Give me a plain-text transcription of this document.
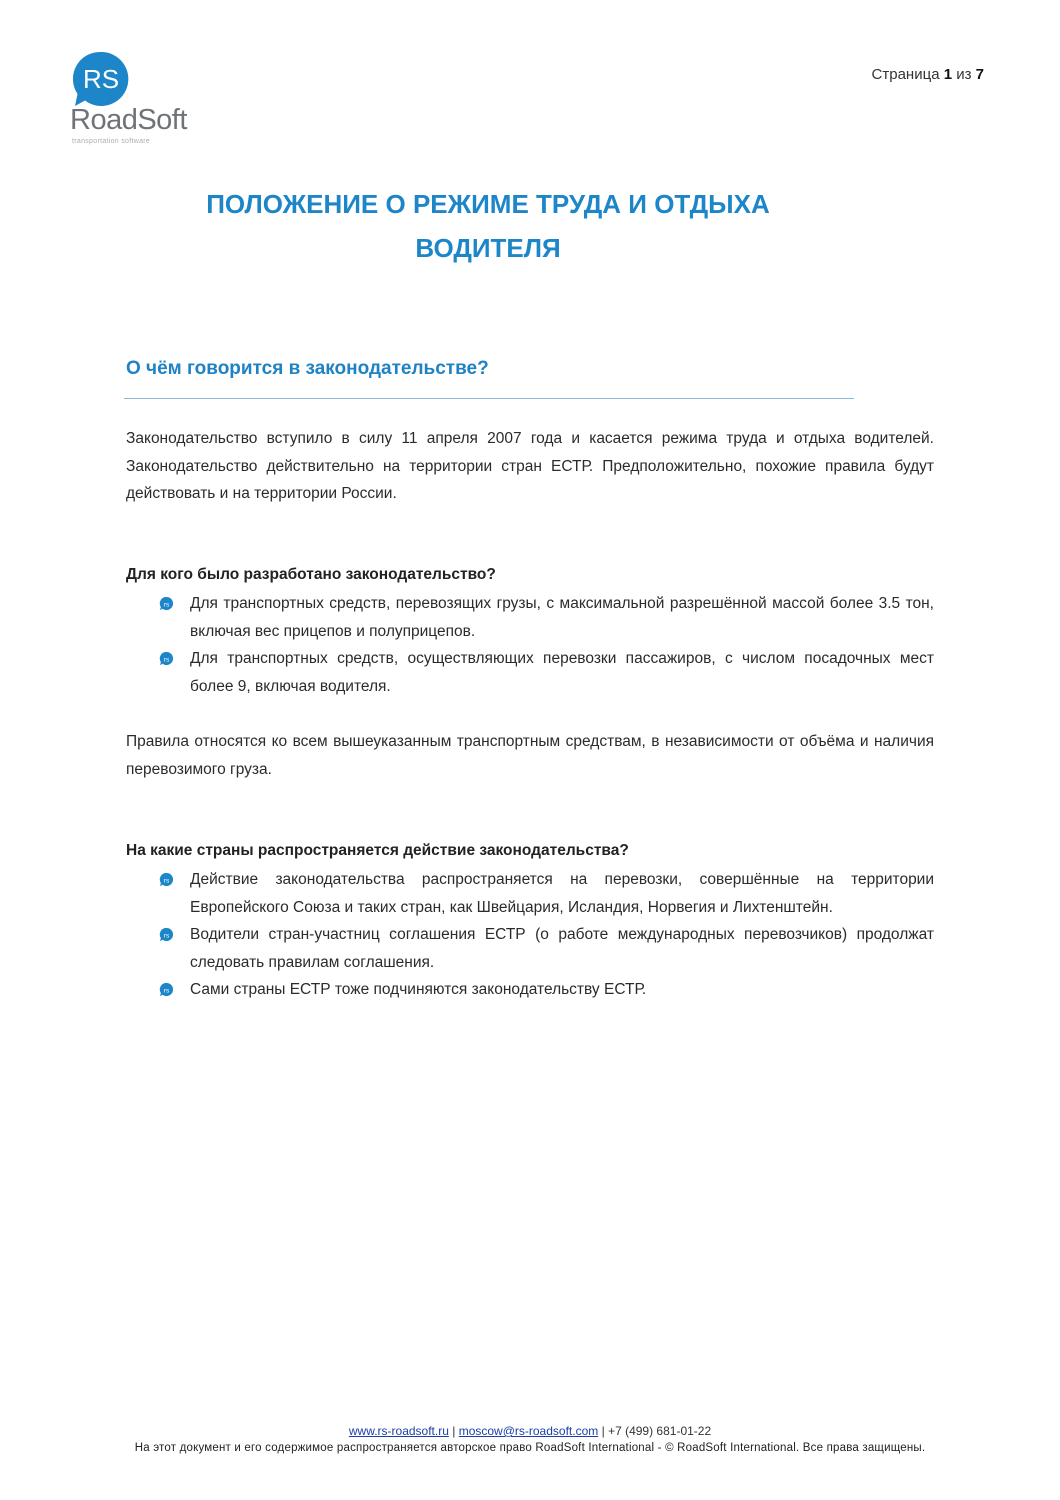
RS
RoadSoft
transportation software
Страница 1 из 7
ПОЛОЖЕНИЕ О РЕЖИМЕ ТРУДА И ОТДЫХА
ВОДИТЕЛЯ
О чём говорится в законодательстве?
Законодательство вступило в силу 11 апреля 2007 года и касается режима труда и отдыха водителей. Законодательство действительно на территории стран ЕСТР. Предположительно, похожие правила будут действовать и на территории России.
Для кого было разработано законодательство?
rs Для транспортных средств, перевозящих грузы, с максимальной разрешённой массой более 3.5 тон, включая вес прицепов и полуприцепов.
rs Для транспортных средств, осуществляющих перевозки пассажиров, с числом посадочных мест более 9, включая водителя.
Правила относятся ко всем вышеуказанным транспортным средствам, в независимости от объёма и наличия перевозимого груза.
На какие страны распространяется действие законодательства?
rs Действие законодательства распространяется на перевозки, совершённые на территории Европейского Союза и таких стран, как Швейцария, Исландия, Норвегия и Лихтенштейн.
rs Водители стран-участниц соглашения ЕСТР (о работе международных перевозчиков) продолжат следовать правилам соглашения.
rs Сами страны ЕСТР тоже подчиняются законодательству ЕСТР.
www.rs-roadsoft.ru | moscow@rs-roadsoft.com | +7 (499) 681-01-22
На этот документ и его содержимое распространяется авторское право RoadSoft International - © RoadSoft International. Все права защищены.
